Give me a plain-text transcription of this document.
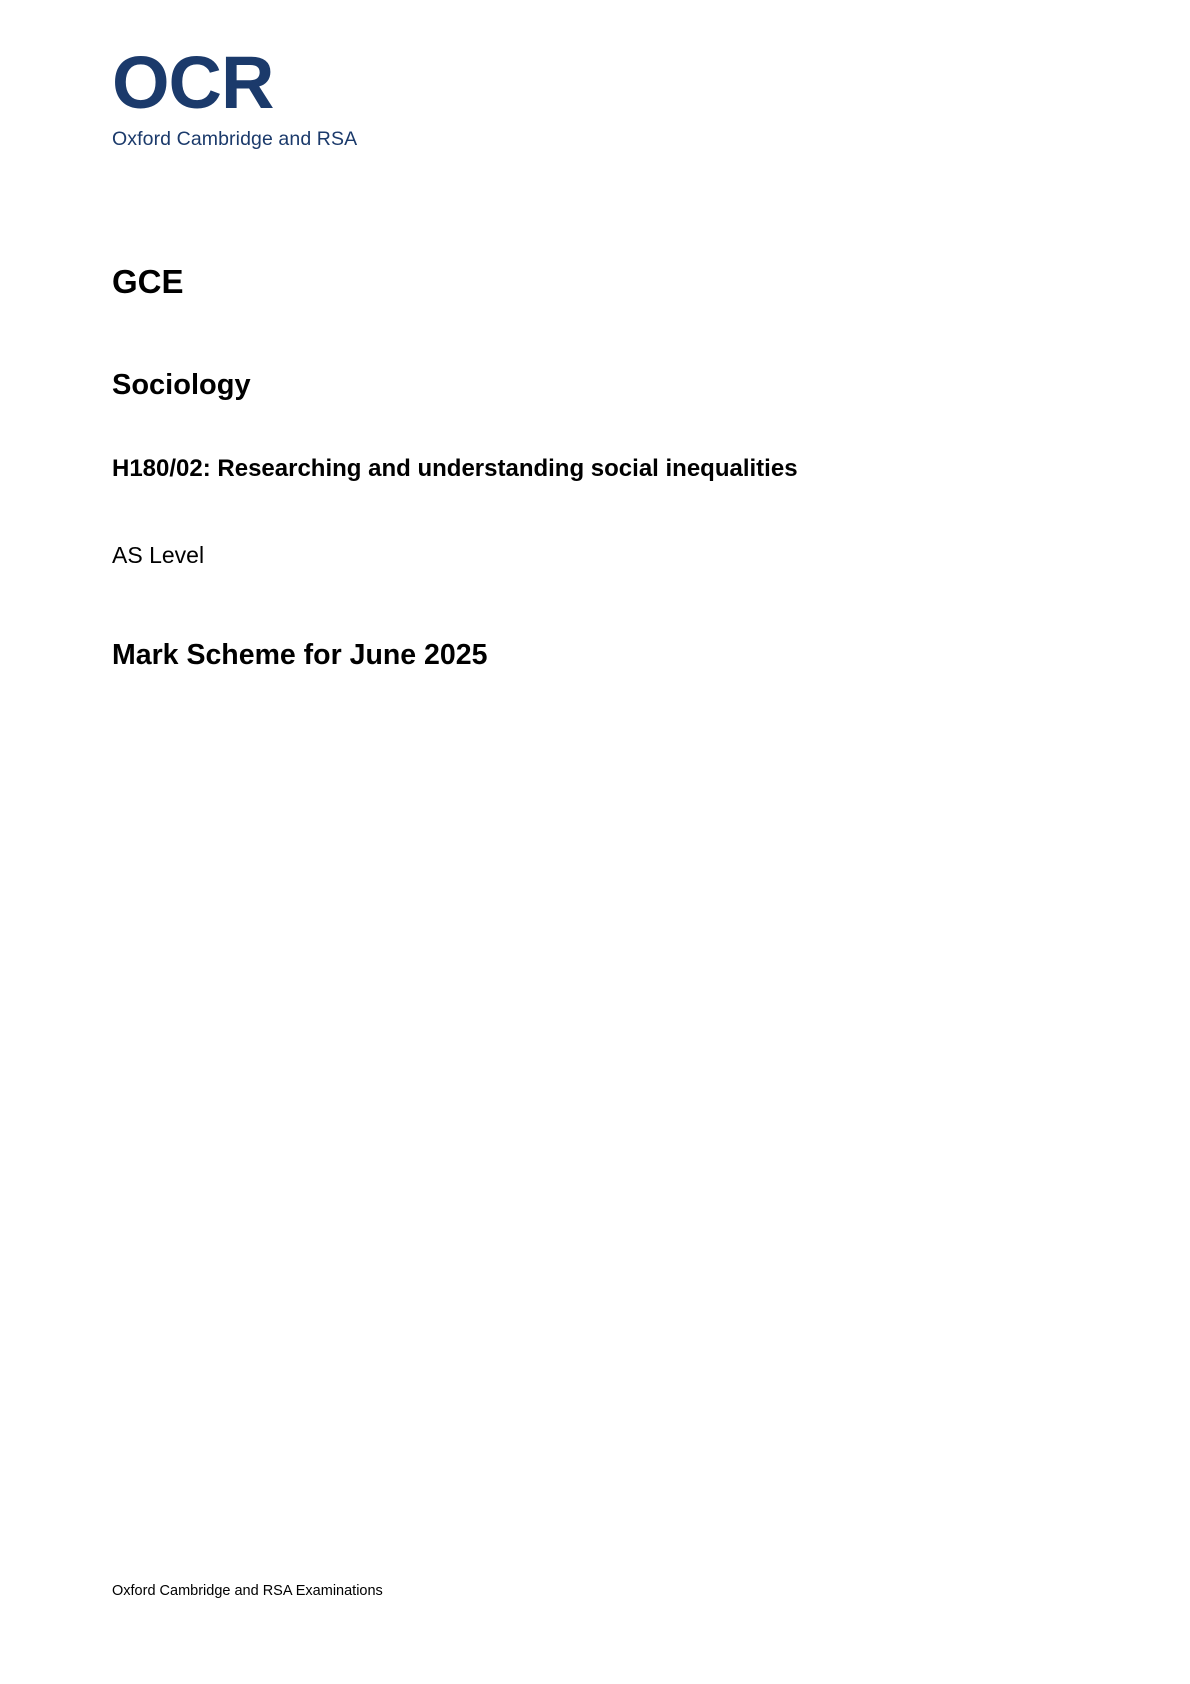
OCR
Oxford Cambridge and RSA
GCE
Sociology
H180/02: Researching and understanding social inequalities

AS Level

Mark Scheme for June 2025
Oxford Cambridge and RSA Examinations
